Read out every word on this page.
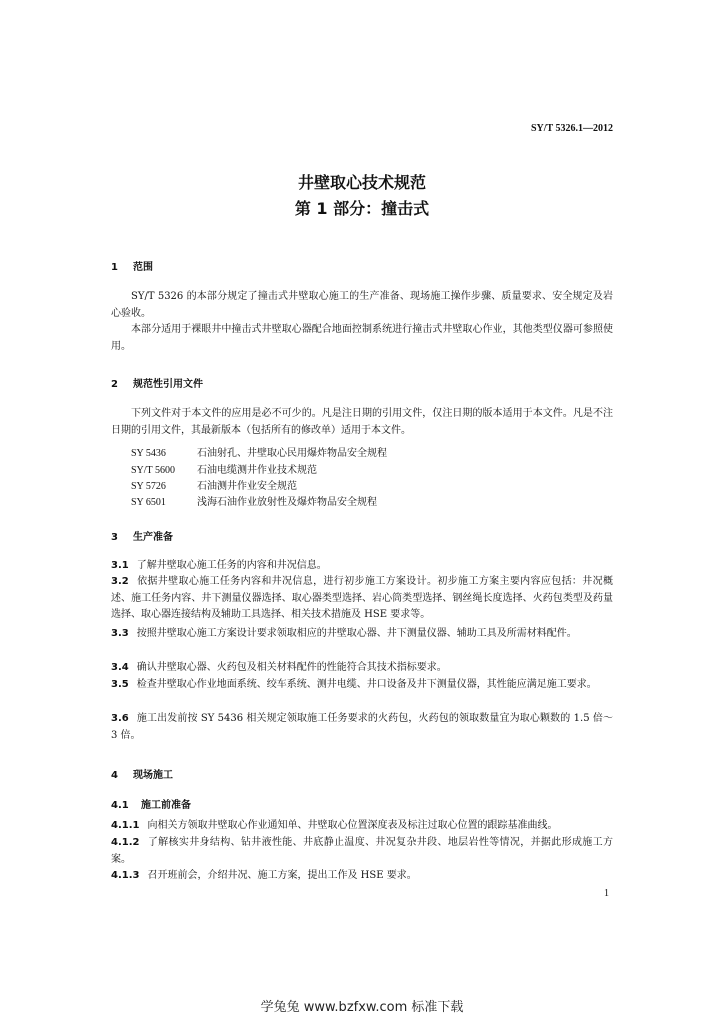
SY/T 5326.1—2012
井壁取心技术规范
第 1 部分：撞击式
1 范围
SY/T 5326 的本部分规定了撞击式井壁取心施工的生产准备、现场施工操作步骤、质量要求、安全规定及岩心验收。
本部分适用于裸眼井中撞击式井壁取心器配合地面控制系统进行撞击式井壁取心作业，其他类型仪器可参照使用。
2 规范性引用文件
下列文件对于本文件的应用是必不可少的。凡是注日期的引用文件，仅注日期的版本适用于本文件。凡是不注日期的引用文件，其最新版本（包括所有的修改单）适用于本文件。
SY 5436	石油射孔、井壁取心民用爆炸物品安全规程
SY/T 5600 石油电缆测井作业技术规范
SY 5726	石油测井作业安全规范
SY 6501	浅海石油作业放射性及爆炸物品安全规程
3 生产准备
3.1 了解井壁取心施工任务的内容和井况信息。
3.2 依据井壁取心施工任务内容和井况信息，进行初步施工方案设计。初步施工方案主要内容应包括：井况概述、施工任务内容、井下测量仪器选择、取心器类型选择、岩心筒类型选择、钢丝绳长度选择、火药包类型及药量选择、取心器连接结构及辅助工具选择、相关技术措施及 HSE 要求等。
3.3 按照井壁取心施工方案设计要求领取相应的井壁取心器、井下测量仪器、辅助工具及所需材料配件。
3.4 确认井壁取心器、火药包及相关材料配件的性能符合其技术指标要求。
3.5 检查井壁取心作业地面系统、绞车系统、测井电缆、井口设备及井下测量仪器，其性能应满足施工要求。
3.6 施工出发前按 SY 5436 相关规定领取施工任务要求的火药包，火药包的领取数量宜为取心颗数的 1.5 倍～3 倍。
4 现场施工
4.1 施工前准备
4.1.1 向相关方领取井壁取心作业通知单、井壁取心位置深度表及标注过取心位置的跟踪基准曲线。
4.1.2 了解核实井身结构、钻井液性能、井底静止温度、井况复杂井段、地层岩性等情况，并据此形成施工方案。
4.1.3 召开班前会，介绍井况、施工方案，提出工作及 HSE 要求。
1
学兔兔 www.bzfxw.com 标准下载
